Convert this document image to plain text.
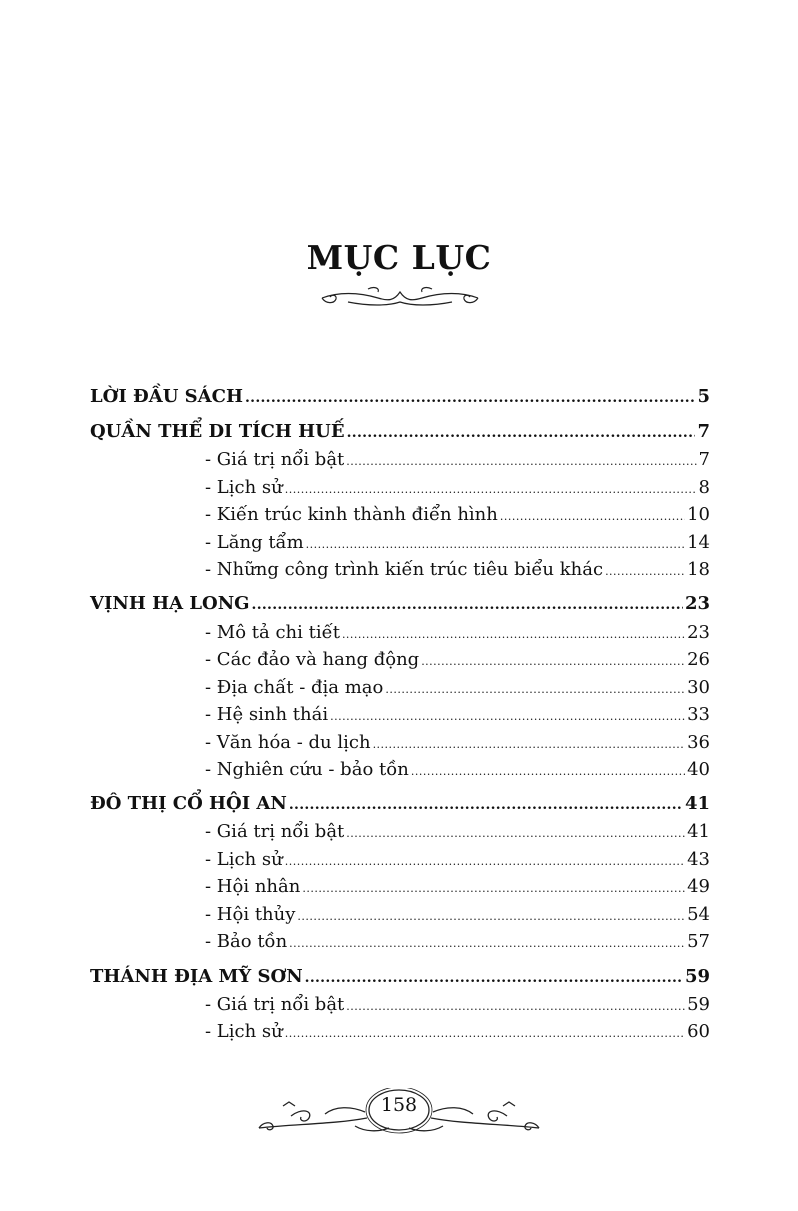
MỤC LỤC
LỜI ĐẦU SÁCH .....	5
QUẦN THỂ DI TÍCH HUẾ .....	7
- Giá trị nổi bật .....	7
- Lịch sử .....	8
- Kiến trúc kinh thành điển hình .....	10
- Lăng tẩm .....	14
- Những công trình kiến trúc tiêu biểu khác .....	18
VỊNH HẠ LONG .....	23
- Mô tả chi tiết .....	23
- Các đảo và hang động .....	26
- Địa chất - địa mạo .....	30
- Hệ sinh thái .....	33
- Văn hóa - du lịch .....	36
- Nghiên cứu - bảo tồn .....	40
ĐÔ THỊ CỔ HỘI AN .....	41
- Giá trị nổi bật .....	41
- Lịch sử .....	43
- Hội nhân .....	49
- Hội thủy .....	54
- Bảo tồn .....	57
THÁNH ĐỊA MỸ SƠN .....	59
- Giá trị nổi bật .....	59
- Lịch sử .....	60
158
